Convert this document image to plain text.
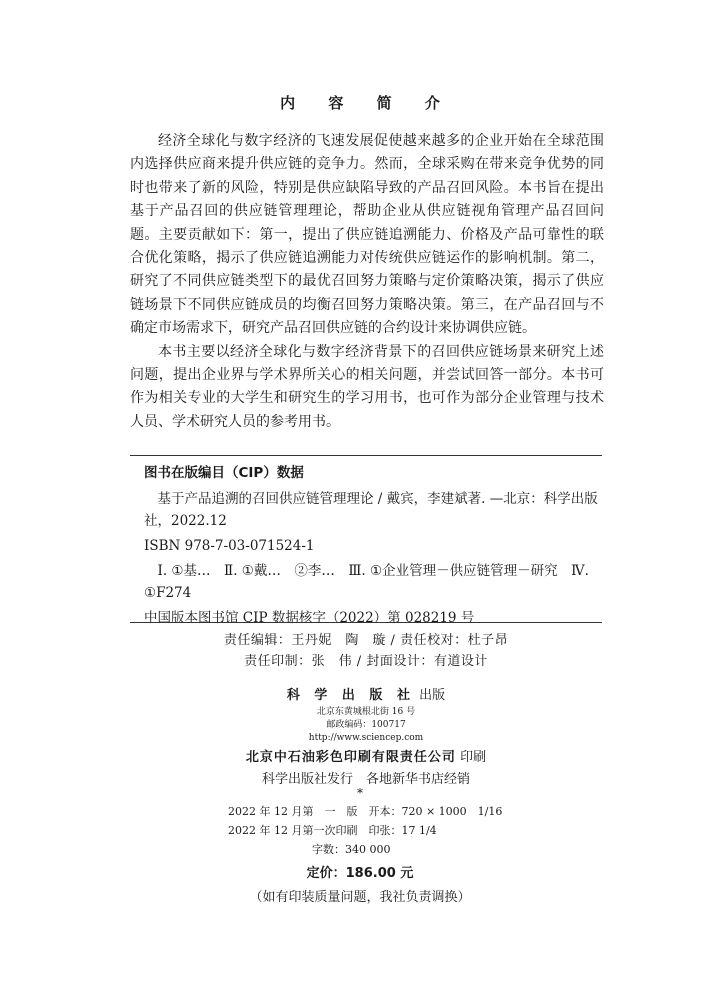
内 容 简 介

经济全球化与数字经济的飞速发展促使越来越多的企业开始在全球范围内选择供应商来提升供应链的竞争力。然而，全球采购在带来竞争优势的同时也带来了新的风险，特别是供应缺陷导致的产品召回风险。本书旨在提出基于产品召回的供应链管理理论，帮助企业从供应链视角管理产品召回问题。主要贡献如下：第一，提出了供应链追溯能力、价格及产品可靠性的联合优化策略，揭示了供应链追溯能力对传统供应链运作的影响机制。第二，研究了不同供应链类型下的最优召回努力策略与定价策略决策，揭示了供应链场景下不同供应链成员的均衡召回努力策略决策。第三，在产品召回与不确定市场需求下，研究产品召回供应链的合约设计来协调供应链。

本书主要以经济全球化与数字经济背景下的召回供应链场景来研究上述问题，提出企业界与学术界所关心的相关问题，并尝试回答一部分。本书可作为相关专业的大学生和研究生的学习用书，也可作为部分企业管理与技术人员、学术研究人员的参考用书。

图书在版编目（CIP）数据
基于产品追溯的召回供应链管理理论 / 戴宾，李建斌著. —北京：科学出版社，2022.12
ISBN 978-7-03-071524-1
Ⅰ. ①基…　Ⅱ. ①戴…　②李…　Ⅲ. ①企业管理－供应链管理－研究　Ⅳ. ①F274
中国版本图书馆 CIP 数据核字（2022）第 028219 号
责任编辑：王丹妮　陶　璇 / 责任校对：杜子昂
责任印制：张　伟 / 封面设计：有道设计
科 学 出 版 社 出版
北京东黄城根北街 16 号
邮政编码：100717
http://www.sciencep.com
北京中石油彩色印刷有限责任公司 印刷
科学出版社发行　各地新华书店经销
*
2022 年 12 月第　一　版　开本：720 × 1000　1/16
2022 年 12 月第一次印刷　印张：17 1/4
字数：340 000
定价：186.00 元
（如有印装质量问题，我社负责调换）
